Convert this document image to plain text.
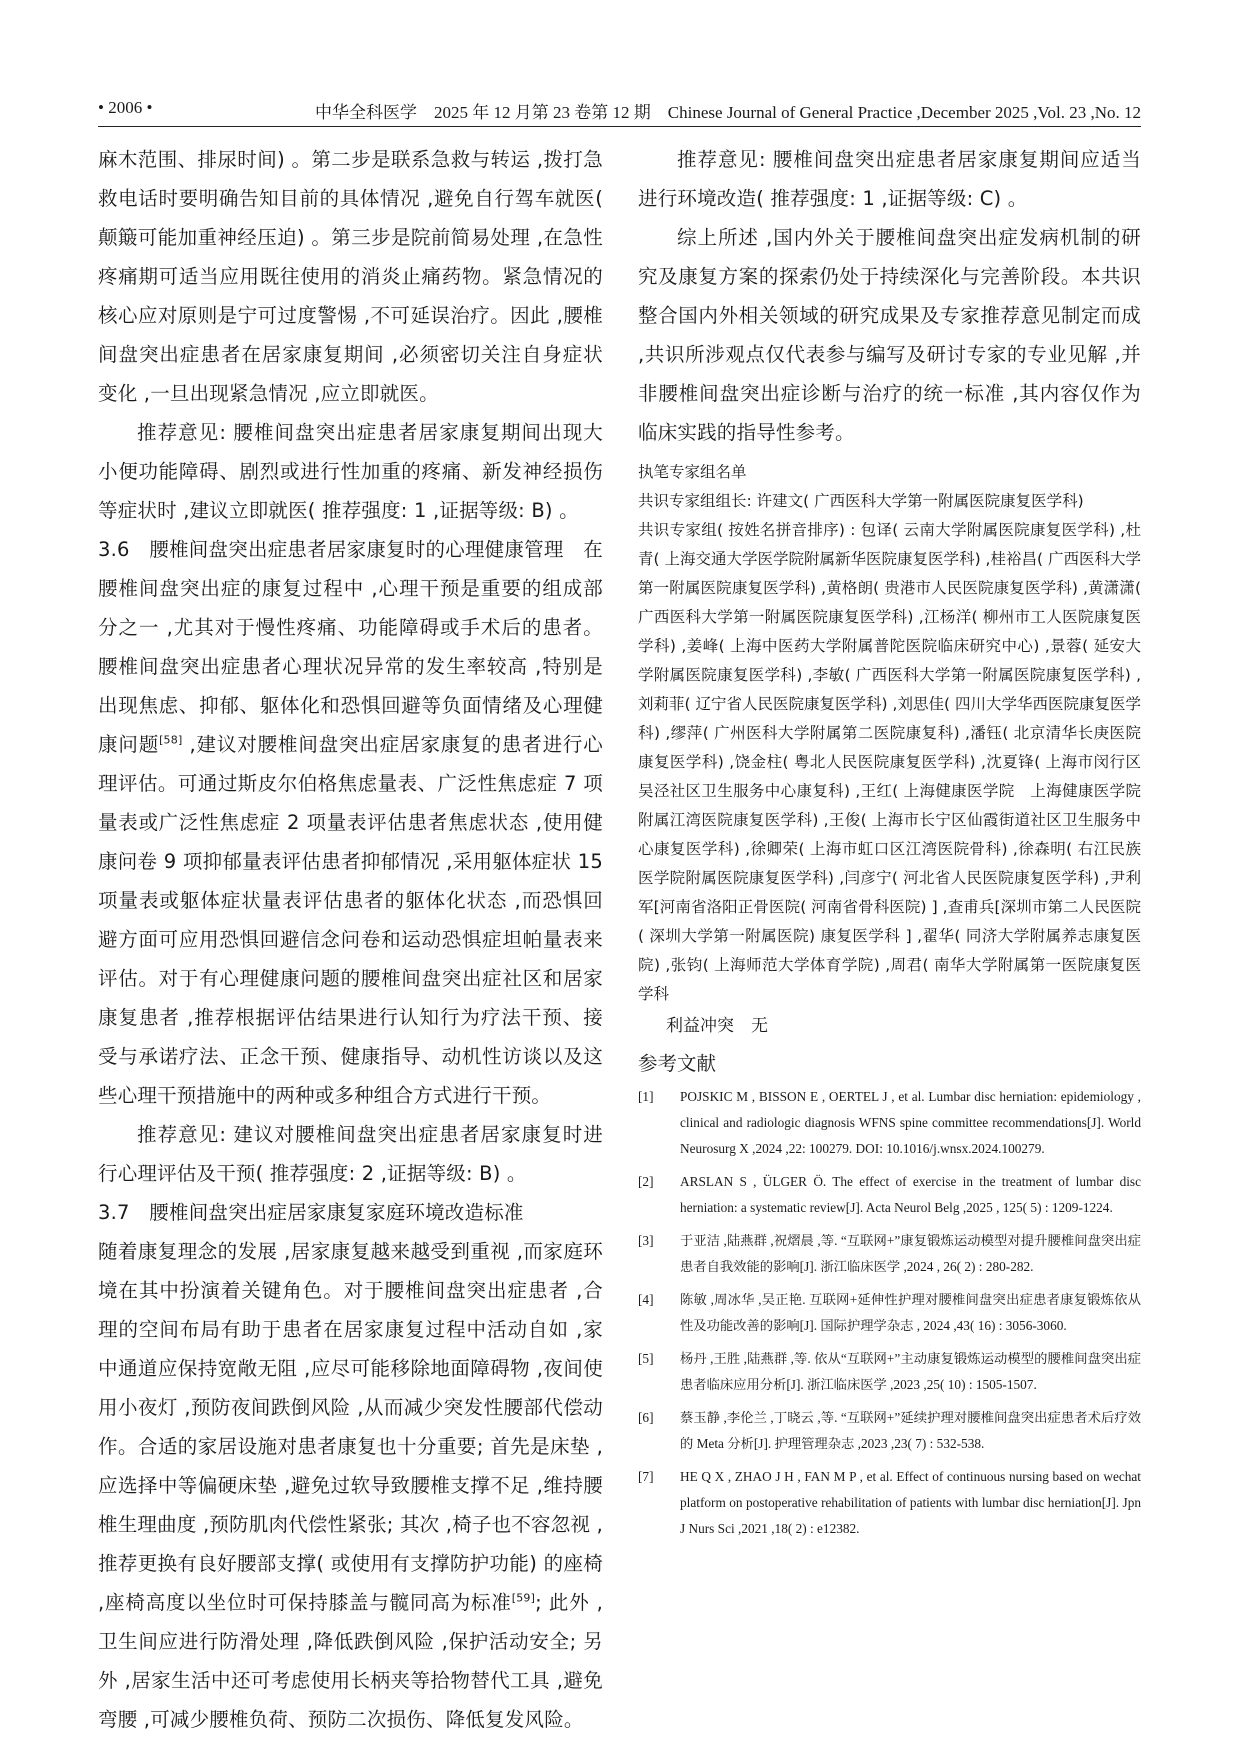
• 2006 •	中华全科医学　2025 年 12 月第 23 卷第 12 期　Chinese Journal of General Practice ,December 2025 ,Vol. 23 ,No. 12

麻木范围、排尿时间) 。第二步是联系急救与转运 ,拨打急救电话时要明确告知目前的具体情况 ,避免自行驾车就医( 颠簸可能加重神经压迫) 。第三步是院前简易处理 ,在急性疼痛期可适当应用既往使用的消炎止痛药物。紧急情况的核心应对原则是宁可过度警惕 ,不可延误治疗。因此 ,腰椎间盘突出症患者在居家康复期间 ,必须密切关注自身症状变化 ,一旦出现紧急情况 ,应立即就医。

推荐意见: 腰椎间盘突出症患者居家康复期间出现大小便功能障碍、剧烈或进行性加重的疼痛、新发神经损伤等症状时 ,建议立即就医( 推荐强度: 1 ,证据等级: B) 。

3.6　腰椎间盘突出症患者居家康复时的心理健康管理　在腰椎间盘突出症的康复过程中 ,心理干预是重要的组成部分之一 ,尤其对于慢性疼痛、功能障碍或手术后的患者。腰椎间盘突出症患者心理状况异常的发生率较高 ,特别是出现焦虑、抑郁、躯体化和恐惧回避等负面情绪及心理健康问题[58] ,建议对腰椎间盘突出症居家康复的患者进行心理评估。可通过斯皮尔伯格焦虑量表、广泛性焦虑症 7 项量表或广泛性焦虑症 2 项量表评估患者焦虑状态 ,使用健康问卷 9 项抑郁量表评估患者抑郁情况 ,采用躯体症状 15 项量表或躯体症状量表评估患者的躯体化状态 ,而恐惧回避方面可应用恐惧回避信念问卷和运动恐惧症坦帕量表来评估。对于有心理健康问题的腰椎间盘突出症社区和居家康复患者 ,推荐根据评估结果进行认知行为疗法干预、接受与承诺疗法、正念干预、健康指导、动机性访谈以及这些心理干预措施中的两种或多种组合方式进行干预。

推荐意见: 建议对腰椎间盘突出症患者居家康复时进行心理评估及干预( 推荐强度: 2 ,证据等级: B) 。

3.7　腰椎间盘突出症居家康复家庭环境改造标准

随着康复理念的发展 ,居家康复越来越受到重视 ,而家庭环境在其中扮演着关键角色。对于腰椎间盘突出症患者 ,合理的空间布局有助于患者在居家康复过程中活动自如 ,家中通道应保持宽敞无阻 ,应尽可能移除地面障碍物 ,夜间使用小夜灯 ,预防夜间跌倒风险 ,从而减少突发性腰部代偿动作。合适的家居设施对患者康复也十分重要; 首先是床垫 ,应选择中等偏硬床垫 ,避免过软导致腰椎支撑不足 ,维持腰椎生理曲度 ,预防肌肉代偿性紧张; 其次 ,椅子也不容忽视 ,推荐更换有良好腰部支撑( 或使用有支撑防护功能) 的座椅 ,座椅高度以坐位时可保持膝盖与髋同高为标准[59]; 此外 ,卫生间应进行防滑处理 ,降低跌倒风险 ,保护活动安全; 另外 ,居家生活中还可考虑使用长柄夹等拾物替代工具 ,避免弯腰 ,可减少腰椎负荷、预防二次损伤、降低复发风险。

推荐意见: 腰椎间盘突出症患者居家康复期间应适当进行环境改造( 推荐强度: 1 ,证据等级: C) 。

综上所述 ,国内外关于腰椎间盘突出症发病机制的研究及康复方案的探索仍处于持续深化与完善阶段。本共识整合国内外相关领域的研究成果及专家推荐意见制定而成 ,共识所涉观点仅代表参与编写及研讨专家的专业见解 ,并非腰椎间盘突出症诊断与治疗的统一标准 ,其内容仅作为临床实践的指导性参考。

执笔专家组名单

共识专家组组长: 许建文( 广西医科大学第一附属医院康复医学科)

共识专家组( 按姓名拼音排序) : 包译( 云南大学附属医院康复医学科) ,杜青( 上海交通大学医学院附属新华医院康复医学科) ,桂裕昌( 广西医科大学第一附属医院康复医学科) ,黄格朗( 贵港市人民医院康复医学科) ,黄潇潇( 广西医科大学第一附属医院康复医学科) ,江杨洋( 柳州市工人医院康复医学科) ,姜峰( 上海中医药大学附属普陀医院临床研究中心) ,景蓉( 延安大学附属医院康复医学科) ,李敏( 广西医科大学第一附属医院康复医学科) ,刘莉菲( 辽宁省人民医院康复医学科) ,刘思佳( 四川大学华西医院康复医学科) ,缪萍( 广州医科大学附属第二医院康复科) ,潘钰( 北京清华长庚医院康复医学科) ,饶金柱( 粤北人民医院康复医学科) ,沈夏锋( 上海市闵行区吴泾社区卫生服务中心康复科) ,王红( 上海健康医学院　上海健康医学院附属江湾医院康复医学科) ,王俊( 上海市长宁区仙霞街道社区卫生服务中心康复医学科) ,徐卿荣( 上海市虹口区江湾医院骨科) ,徐森明( 右江民族医学院附属医院康复医学科) ,闫彦宁( 河北省人民医院康复医学科) ,尹利军[河南省洛阳正骨医院( 河南省骨科医院) ] ,查甫兵[深圳市第二人民医院( 深圳大学第一附属医院) 康复医学科 ] ,翟华( 同济大学附属养志康复医院) ,张钧( 上海师范大学体育学院) ,周君( 南华大学附属第一医院康复医学科

利益冲突　无

参考文献
[1]	POJSKIC M , BISSON E , OERTEL J , et al. Lumbar disc herniation: epidemiology , clinical and radiologic diagnosis WFNS spine committee recommendations[J]. World Neurosurg X ,2024 ,22: 100279. DOI: 10.1016/j.wnsx.2024.100279.
[2]	ARSLAN S , ÜLGER Ö. The effect of exercise in the treatment of lumbar disc herniation: a systematic review[J]. Acta Neurol Belg ,2025 , 125( 5) : 1209-1224.
[3]	于亚洁 ,陆燕群 ,祝熠晨 ,等. “互联网+”康复锻炼运动模型对提升腰椎间盘突出症患者自我效能的影响[J]. 浙江临床医学 ,2024 , 26( 2) : 280-282.
[4]	陈敏 ,周冰华 ,吴正艳. 互联网+延伸性护理对腰椎间盘突出症患者康复锻炼依从性及功能改善的影响[J]. 国际护理学杂志 , 2024 ,43( 16) : 3056-3060.
[5]	杨丹 ,王胜 ,陆燕群 ,等. 依从“互联网+”主动康复锻炼运动模型的腰椎间盘突出症患者临床应用分析[J]. 浙江临床医学 ,2023 ,25( 10) : 1505-1507.
[6]	蔡玉静 ,李伦兰 ,丁晓云 ,等. “互联网+”延续护理对腰椎间盘突出症患者术后疗效的 Meta 分析[J]. 护理管理杂志 ,2023 ,23( 7) : 532-538.
[7]	HE Q X , ZHAO J H , FAN M P , et al. Effect of continuous nursing based on wechat platform on postoperative rehabilitation of patients with lumbar disc herniation[J]. Jpn J Nurs Sci ,2021 ,18( 2) : e12382.
